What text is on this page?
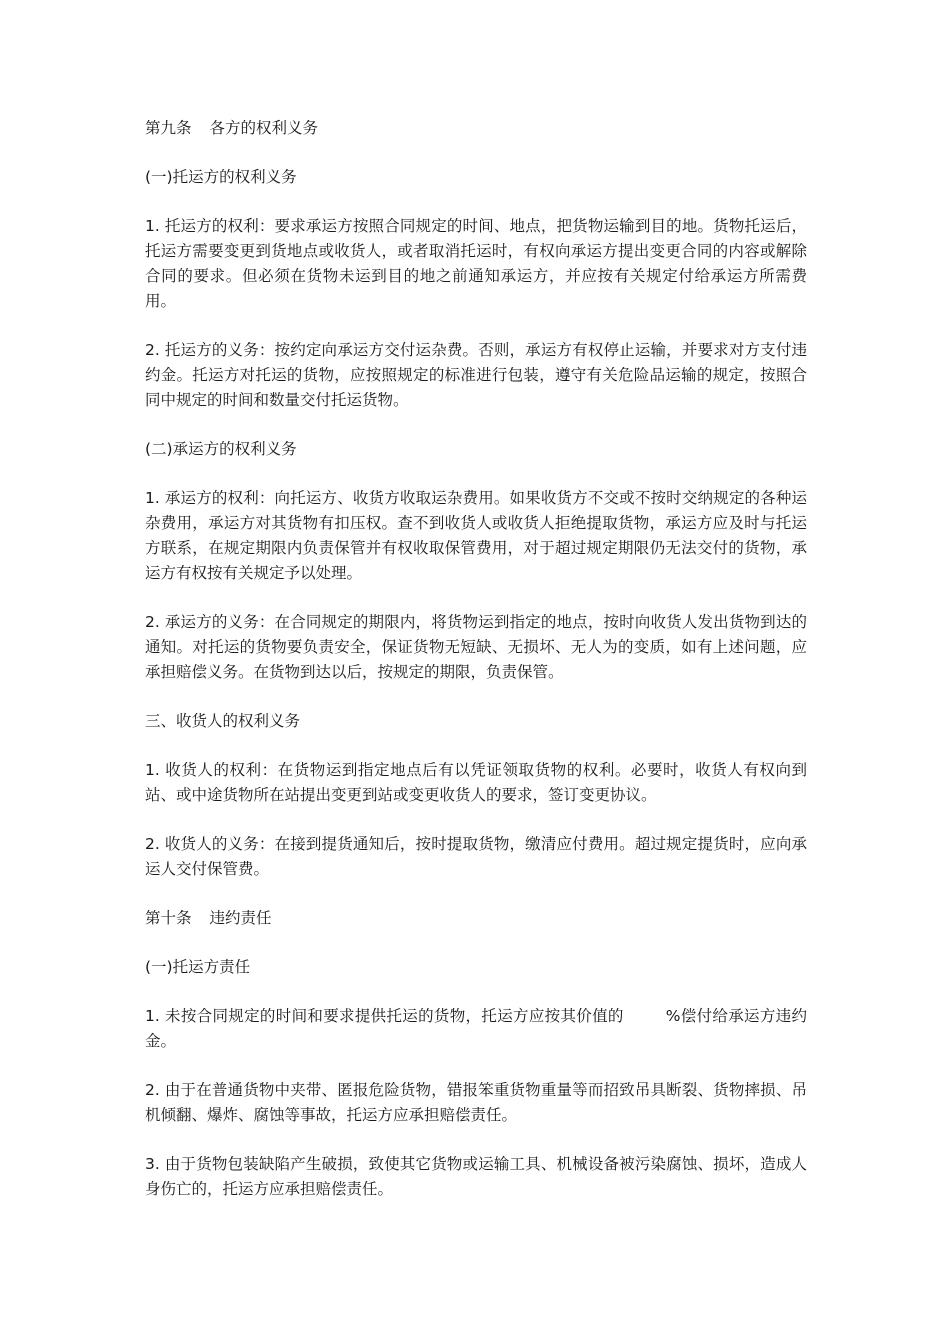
第九条 各方的权利义务

(一)托运方的权利义务

1. 托运方的权利：要求承运方按照合同规定的时间、地点，把货物运输到目的地。货物托运后，托运方需要变更到货地点或收货人，或者取消托运时，有权向承运方提出变更合同的内容或解除合同的要求。但必须在货物未运到目的地之前通知承运方，并应按有关规定付给承运方所需费用。

2. 托运方的义务：按约定向承运方交付运杂费。否则，承运方有权停止运输，并要求对方支付违约金。托运方对托运的货物，应按照规定的标准进行包装，遵守有关危险品运输的规定，按照合同中规定的时间和数量交付托运货物。

(二)承运方的权利义务

1. 承运方的权利：向托运方、收货方收取运杂费用。如果收货方不交或不按时交纳规定的各种运杂费用，承运方对其货物有扣压权。查不到收货人或收货人拒绝提取货物，承运方应及时与托运方联系，在规定期限内负责保管并有权收取保管费用，对于超过规定期限仍无法交付的货物，承运方有权按有关规定予以处理。

2. 承运方的义务：在合同规定的期限内，将货物运到指定的地点，按时向收货人发出货物到达的通知。对托运的货物要负责安全，保证货物无短缺、无损坏、无人为的变质，如有上述问题，应承担赔偿义务。在货物到达以后，按规定的期限，负责保管。

三、收货人的权利义务

1. 收货人的权利：在货物运到指定地点后有以凭证领取货物的权利。必要时，收货人有权向到站、或中途货物所在站提出变更到站或变更收货人的要求，签订变更协议。

2. 收货人的义务：在接到提货通知后，按时提取货物，缴清应付费用。超过规定提货时，应向承运人交付保管费。

第十条 违约责任

(一)托运方责任

1. 未按合同规定的时间和要求提供托运的货物，托运方应按其价值的	%偿付给承运方违约金。

2. 由于在普通货物中夹带、匿报危险货物，错报笨重货物重量等而招致吊具断裂、货物摔损、吊机倾翻、爆炸、腐蚀等事故，托运方应承担赔偿责任。

3. 由于货物包装缺陷产生破损，致使其它货物或运输工具、机械设备被污染腐蚀、损坏，造成人身伤亡的，托运方应承担赔偿责任。
